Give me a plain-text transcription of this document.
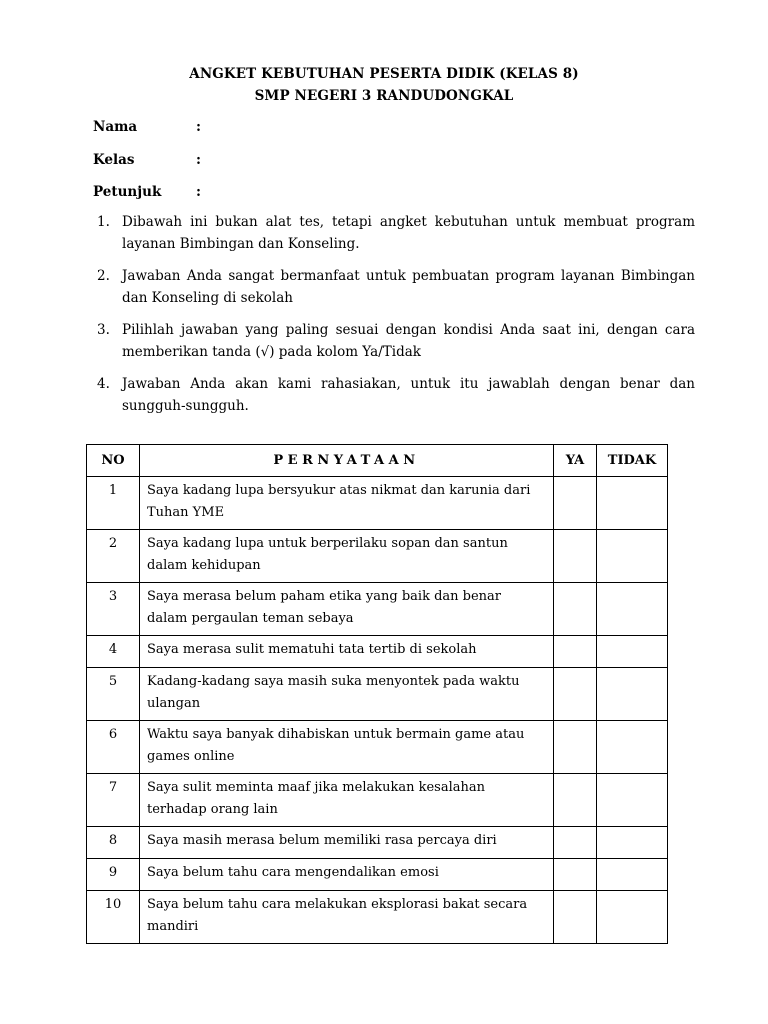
ANGKET KEBUTUHAN PESERTA DIDIK (KELAS 8)
SMP NEGERI 3 RANDUDONGKAL
Nama	:
Kelas	:
Petunjuk	:
1. Dibawah ini bukan alat tes, tetapi angket kebutuhan untuk membuat program layanan Bimbingan dan Konseling.
2. Jawaban Anda sangat bermanfaat untuk pembuatan program layanan Bimbingan dan Konseling di sekolah
3. Pilihlah jawaban yang paling sesuai dengan kondisi Anda saat ini, dengan cara memberikan tanda (√) pada kolom Ya/Tidak
4. Jawaban Anda akan kami rahasiakan, untuk itu jawablah dengan benar dan sungguh-sungguh.
NO	PERNYATAAN	YA	TIDAK
1	Saya kadang lupa bersyukur atas nikmat dan karunia dari Tuhan YME		
2	Saya kadang lupa untuk berperilaku sopan dan santun dalam kehidupan		
3	Saya merasa belum paham etika yang baik dan benar dalam pergaulan teman sebaya		
4	Saya merasa sulit mematuhi tata tertib di sekolah		
5	Kadang-kadang saya masih suka menyontek pada waktu ulangan		
6	Waktu saya banyak dihabiskan untuk bermain game atau games online		
7	Saya sulit meminta maaf jika melakukan kesalahan terhadap orang lain		
8	Saya masih merasa belum memiliki rasa percaya diri		
9	Saya belum tahu cara mengendalikan emosi		
10	Saya belum tahu cara melakukan eksplorasi bakat secara mandiri		
